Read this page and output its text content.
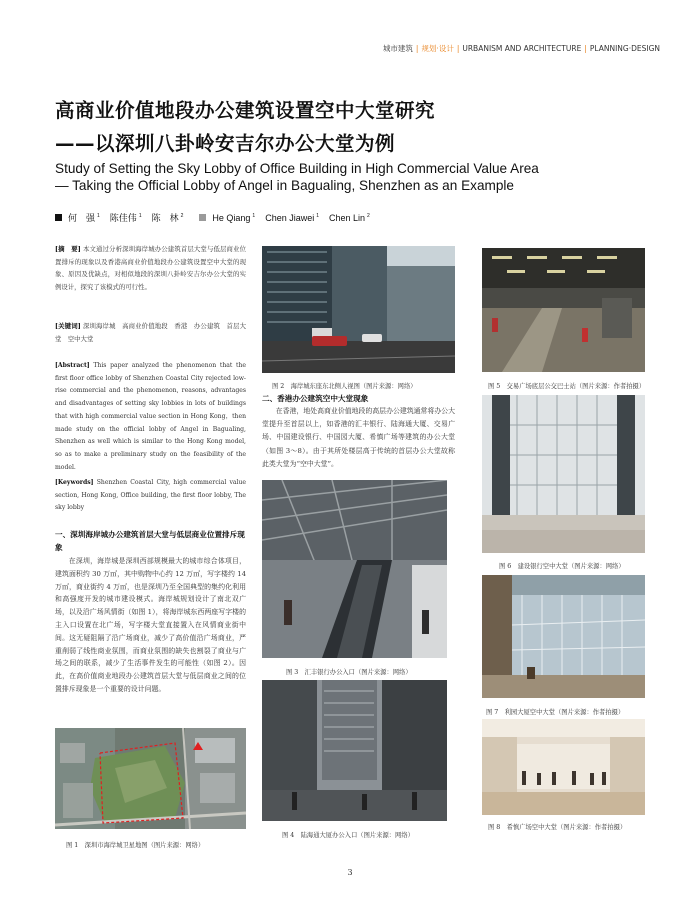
城市建筑 | 规划·设计 | URBANISM AND ARCHITECTURE | PLANNING·DESIGN
高商业价值地段办公建筑设置空中大堂研究
——以深圳八卦岭安吉尔办公大堂为例
Study of Setting the Sky Lobby of Office Building in High Commercial Value Area
— Taking the Official Lobby of Angel in Bagualing, Shenzhen as an Example
何　强 $^1$ 陈佳伟 $^1$ 陈　林 $^2$	He Qiang $^1$ Chen Jiawei $^1$ Chen Lin $^2$
[摘　要] 本文通过分析深圳海岸城办公建筑首层大堂与低层商业位置排斥的现象以及香港高商业价值地段办公建筑设置空中大堂的现象、原因及优缺点，对相似地段的深圳八卦岭安吉尔办公大堂的实例设计，探究了该模式的可行性。
[关键词] 深圳海岸城　高商业价值地段　香港　办公建筑　首层大堂　空中大堂
[Abstract] This paper analyzed the phenomenon that the first floor office lobby of Shenzhen Coastal City rejected low-rise commercial and the phenomenon, reasons, advantages and disadvantages of setting sky lobbies in lots of buildings that with high commercial value section in Hong Kong，then made study on the official lobby of Angel in Bagualing, Shenzhen as well which is similar to the Hong Kong model, so as to make a preliminary study on the feasibility of the model.
[Keywords] Shenzhen Coastal City, high commercial value section, Hong Kong, Office building, the first floor lobby, The sky lobby
一、深圳海岸城办公建筑首层大堂与低层商业位置排斥现象
在深圳，海岸城是深圳西部规模最大的城市综合体项目，建筑面积约 30 万㎡，其中购物中心约 12 万㎡，写字楼约 14 万㎡，商业街约 4 万㎡，也是深圳乃至全国典型的集约化利用和高强度开发的城市建设模式。海岸城规划设计了南北双广场，以及沿广场风情街（如图 1），将海岸城东西两座写字楼的主入口设置在北广场，写字楼大堂直接置入在风情商业街中间。这无疑阻隔了沿广场商业，减少了高价值沿广场商业，严重削弱了线性商业氛围，而商业氛围的缺失也割裂了商业与广场之间的联系，减少了生活事件发生的可能性（如图 2）。因此，在高价值商业地段办公建筑首层大堂与低层商业之间的位置排斥现象是一个重要的设计问题。
图 1　深圳市海岸城卫星地图（图片来源：网络）
图 2　海岸城东座东北侧人视图（图片来源：网络）
二、香港办公建筑空中大堂现象
在香港，地处高商业价值地段的高层办公建筑通常将办公大堂提升至首层以上，如香港的汇丰银行、陆海通大厦、交易广场、中国建设银行、中国园大厦、希慎广场等建筑的办公大堂（如图 3～8）。由于其所处楼层高于传统的首层办公大堂故称此类大堂为“空中大堂”。
图 3　汇丰银行办公入口（图片来源：网络）
图 4　陆海通大厦办公入口（图片来源：网络）
图 5　交易广场底层公交巴士站（图片来源：作者拍摄）
图 6　建设银行空中大堂（图片来源：网络）
图 7　利园大厦空中大堂（图片来源：作者拍摄）
图 8　希慎广场空中大堂（图片来源：作者拍摄）
3
